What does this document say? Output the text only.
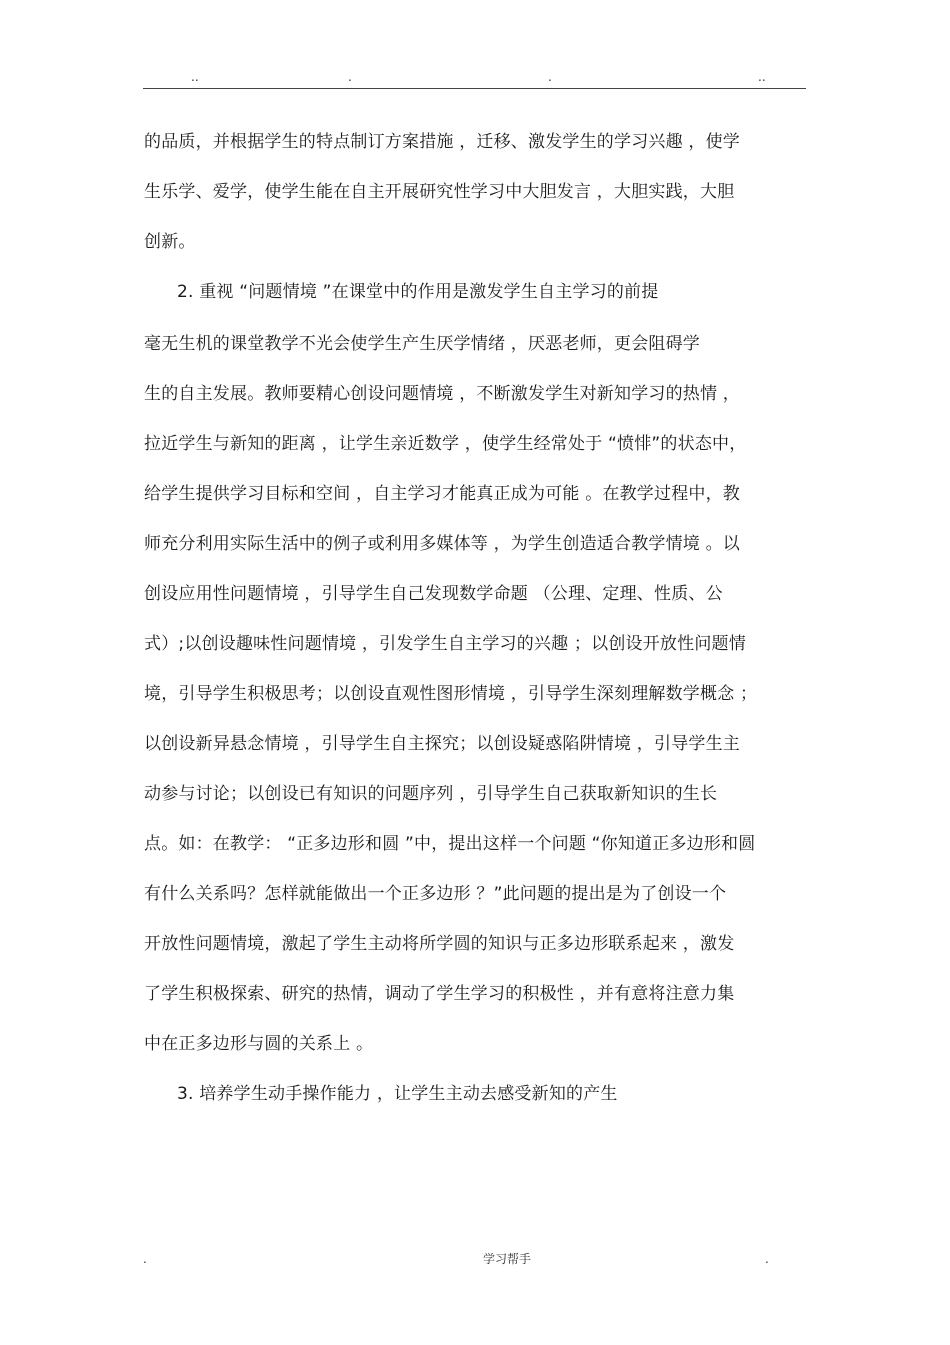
..	.	.	..
的品质，并根据学生的特点制订方案措施 ，迁移、激发学生的学习兴趣 ，使学
生乐学、爱学，使学生能在自主开展研究性学习中大胆发言 ，大胆实践，大胆
创新。
2. 重视 “问题情境 ”在课堂中的作用是激发学生自主学习的前提
毫无生机的课堂教学不光会使学生产生厌学情绪 ，厌恶老师，更会阻碍学
生的自主发展。教师要精心创设问题情境 ，不断激发学生对新知学习的热情 ，
拉近学生与新知的距离 ，让学生亲近数学 ，使学生经常处于 “愤悱”的状态中，
给学生提供学习目标和空间 ，自主学习才能真正成为可能 。在教学过程中，教
师充分利用实际生活中的例子或利用多媒体等 ，为学生创造适合教学情境 。以
创设应用性问题情境 ，引导学生自己发现数学命题 （公理、定理、性质、公
式）;以创设趣味性问题情境 ，引发学生自主学习的兴趣 ；以创设开放性问题情
境，引导学生积极思考；以创设直观性图形情境 ，引导学生深刻理解数学概念 ；
以创设新异悬念情境 ，引导学生自主探究；以创设疑惑陷阱情境 ，引导学生主
动参与讨论；以创设已有知识的问题序列 ，引导学生自己获取新知识的生长
点。如：在教学： “正多边形和圆 ”中，提出这样一个问题 “你知道正多边形和圆
有什么关系吗？怎样就能做出一个正多边形 ？”此问题的提出是为了创设一个
开放性问题情境，激起了学生主动将所学圆的知识与正多边形联系起来 ，激发
了学生积极探索、研究的热情，调动了学生学习的积极性 ，并有意将注意力集
中在正多边形与圆的关系上 。
3. 培养学生动手操作能力 ，让学生主动去感受新知的产生
.	学习帮手	.
